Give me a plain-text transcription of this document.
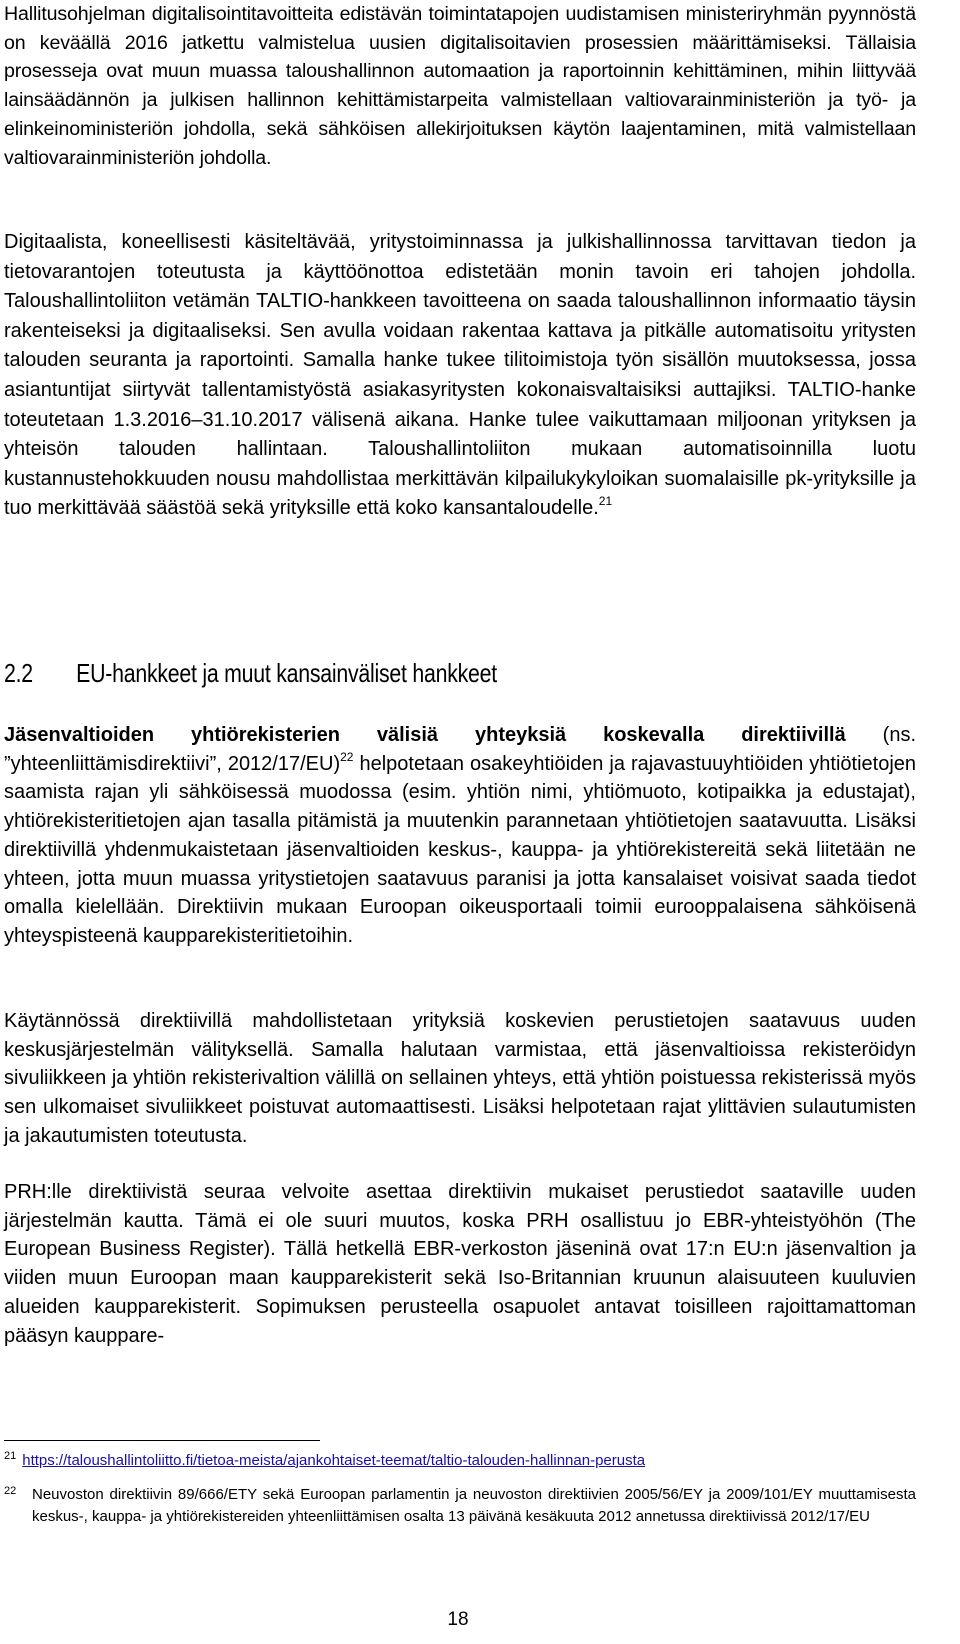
Hallitusohjelman digitalisointitavoitteita edistävän toimintatapojen uudistamisen ministeriryhmän pyynnöstä on keväällä 2016 jatkettu valmistelua uusien digitalisoitavien prosessien määrittämiseksi. Tällaisia prosesseja ovat muun muassa taloushallinnon automaation ja raportoinnin kehittäminen, mihin liittyvää lainsäädännön ja julkisen hallinnon kehittämistarpeita valmistellaan valtiovarainministeriön ja työ- ja elinkeinoministeriön johdolla, sekä sähköisen allekirjoituksen käytön laajentaminen, mitä valmistellaan valtiovarainministeriön johdolla.

Digitaalista, koneellisesti käsiteltävää, yritystoiminnassa ja julkishallinnossa tarvittavan tiedon ja tietovarantojen toteutusta ja käyttöönottoa edistetään monin tavoin eri tahojen johdolla. Taloushallintoliiton vetämän TALTIO-hankkeen tavoitteena on saada taloushallinnon informaatio täysin rakenteiseksi ja digitaaliseksi. Sen avulla voidaan rakentaa kattava ja pitkälle automatisoitu yritysten talouden seuranta ja raportointi. Samalla hanke tukee tilitoimistoja työn sisällön muutoksessa, jossa asiantuntijat siirtyvät tallentamistyöstä asiakasyritysten kokonaisvaltaisiksi auttajiksi. TALTIO-hanke toteutetaan 1.3.2016–31.10.2017 välisenä aikana. Hanke tulee vaikuttamaan miljoonan yrityksen ja yhteisön talouden hallintaan. Taloushallintoliiton mukaan automatisoinnilla luotu kustannustehokkuuden nousu mahdollistaa merkittävän kilpailukykyloikan suomalaisille pk-yrityksille ja tuo merkittävää säästöä sekä yrityksille että koko kansantaloudelle.$^{21}$

2.2 EU-hankkeet ja muut kansainväliset hankkeet

Jäsenvaltioiden yhtiörekisterien välisiä yhteyksiä koskevalla direktiivillä (ns. ”yhteenliittämisdirektiivi”, 2012/17/EU)$^{22}$ helpotetaan osakeyhtiöiden ja rajavastuuyhtiöiden yhtiötietojen saamista rajan yli sähköisessä muodossa (esim. yhtiön nimi, yhtiömuoto, kotipaikka ja edustajat), yhtiörekisteritietojen ajan tasalla pitämistä ja muutenkin parannetaan yhtiötietojen saatavuutta. Lisäksi direktiivillä yhdenmukaistetaan jäsenvaltioiden keskus-, kauppa- ja yhtiörekistereitä sekä liitetään ne yhteen, jotta muun muassa yritystietojen saatavuus paranisi ja jotta kansalaiset voisivat saada tiedot omalla kielellään. Direktiivin mukaan Euroopan oikeusportaali toimii eurooppalaisena sähköisenä yhteyspisteenä kaupparekisteritietoihin.

Käytännössä direktiivillä mahdollistetaan yrityksiä koskevien perustietojen saatavuus uuden keskusjärjestelmän välityksellä. Samalla halutaan varmistaa, että jäsenvaltioissa rekisteröidyn sivuliikkeen ja yhtiön rekisterivaltion välillä on sellainen yhteys, että yhtiön poistuessa rekisterissä myös sen ulkomaiset sivuliikkeet poistuvat automaattisesti. Lisäksi helpotetaan rajat ylittävien sulautumisten ja jakautumisten toteutusta.

PRH:lle direktiivistä seuraa velvoite asettaa direktiivin mukaiset perustiedot saataville uuden järjestelmän kautta. Tämä ei ole suuri muutos, koska PRH osallistuu jo EBR-yhteistyöhön (The European Business Register). Tällä hetkellä EBR-verkoston jäseninä ovat 17:n EU:n jäsenvaltion ja viiden muun Euroopan maan kaupparekisterit sekä Iso-Britannian kruunun alaisuuteen kuuluvien alueiden kaupparekisterit. Sopimuksen perusteella osapuolet antavat toisilleen rajoittamattoman pääsyn kauppare-

$^{21}$ https://taloushallintoliitto.fi/tietoa-meista/ajankohtaiset-teemat/taltio-talouden-hallinnan-perusta
22 Neuvoston direktiivin 89/666/ETY sekä Euroopan parlamentin ja neuvoston direktiivien 2005/56/EY ja 2009/101/EY muuttamisesta keskus-, kauppa- ja yhtiörekistereiden yhteenliittämisen osalta 13 päivänä kesäkuuta 2012 annetussa direktiivissä 2012/17/EU
18
